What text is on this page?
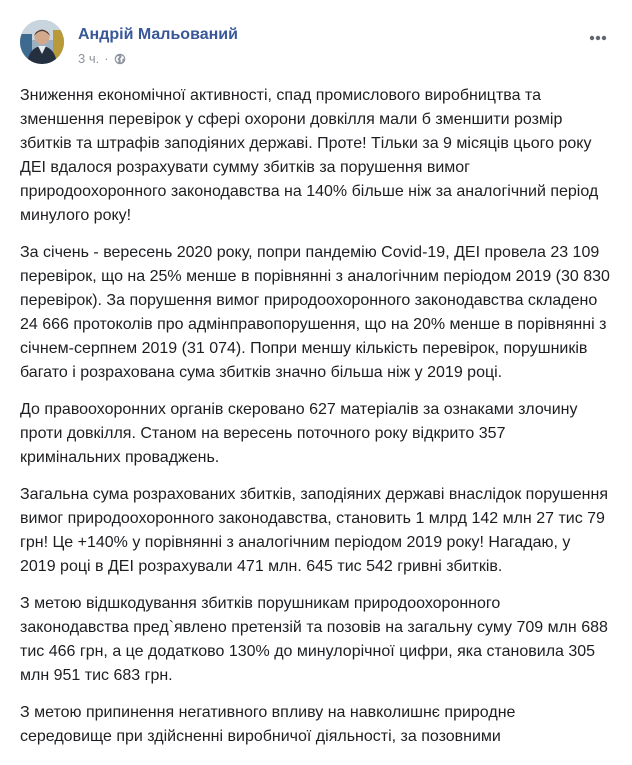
Андрій Мальований
3 ч. ·

Зниження економічної активності, спад промислового виробництва та зменшення перевірок у сфері охорони довкілля мали б зменшити розмір збитків та штрафів заподіяних державі. Проте! Тільки за 9 місяців цього року ДЕІ вдалося розрахувати сумму збитків за порушення вимог природоохоронного законодавства на 140% більше ніж за аналогічний період минулого року!

За січень - вересень 2020 року, попри пандемію Covid-19, ДЕІ провела 23 109 перевірок, що на 25% менше в порівнянні з аналогічним періодом 2019 (30 830 перевірок). За порушення вимог природоохоронного законодавства складено 24 666 протоколів про адмінправопорушення, що на 20% менше в порівнянні з січнем-серпнем 2019 (31 074). Попри меншу кількість перевірок, порушників багато і розрахована сума збитків значно більша ніж у 2019 році.

До правоохоронних органів скеровано 627 матеріалів за ознаками злочину проти довкілля. Станом на вересень поточного року відкрито 357 кримінальних проваджень.

Загальна сума розрахованих збитків, заподіяних державі внаслідок порушення вимог природоохоронного законодавства, становить 1 млрд 142 млн 27 тис 79 грн! Це +140% у порівнянні з аналогічним періодом 2019 року! Нагадаю, у 2019 році в ДЕІ розрахували 471 млн. 645 тис 542 гривні збитків.

З метою відшкодування збитків порушникам природоохоронного законодавства пред`явлено претензій та позовів на загальну суму 709 млн 688 тис 466 грн, а це додатково 130% до минулорічної цифри, яка становила 305 млн 951 тис 683 грн.

З метою припинення негативного впливу на навколишнє природне середовище при здійсненні виробничої діяльності, за позовними
